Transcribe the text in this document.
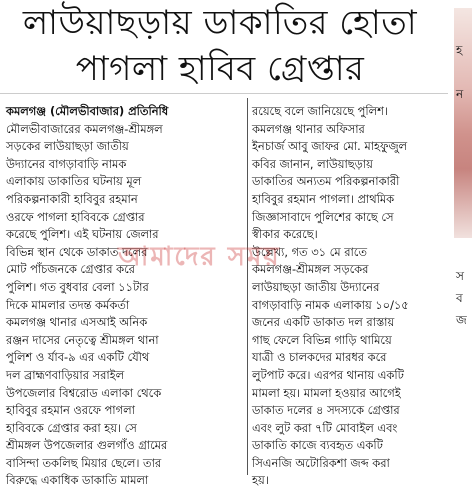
লাউয়াছড়ায় ডাকাতির হোতা
পাগলা হাবিব গ্রেপ্তার
কমলগঞ্জ (মৌলভীবাজার) প্রতিনিধি
মৌলভীবাজারের কমলগঞ্জ-শ্রীমঙ্গল
সড়কের লাউয়াছড়া জাতীয়
উদ্যানের বাগড়াবাড়ি নামক
এলাকায় ডাকাতির ঘটনায় মূল
পরিকল্পনাকারী হাবিবুর রহমান
ওরফে পাগলা হাবিবকে গ্রেপ্তার
করেছে পুলিশ। এই ঘটনায় জেলার
বিভিন্ন স্থান থেকে ডাকাত দলের
মোট পাঁচজনকে গ্রেপ্তার করে
পুলিশ। গত বুধবার বেলা ১১টার
দিকে মামলার তদন্ত কর্মকর্তা
কমলগঞ্জ থানার এসআই অনিক
রঞ্জন দাসের নেতৃত্বে শ্রীমঙ্গল থানা
পুলিশ ও র্যাব-৯ এর একটি যৌথ
দল ব্রাহ্মণবাড়িয়ার সরাইল
উপজেলার বিশ্বরোড এলাকা থেকে
হাবিবুর রহমান ওরফে পাগলা
হাবিবকে গ্রেপ্তার করা হয়। সে
শ্রীমঙ্গল উপজেলার গুলগাঁও গ্রামের
বাসিন্দা তকলিছ মিয়ার ছেলে। তার
বিরুদ্ধে একাধিক ডাকাতি মামলা
রয়েছে বলে জানিয়েছে পুলিশ।
কমলগঞ্জ থানার অফিসার
ইনচার্জ আবু জাফর মো. মাহফুজুল
কবির জানান, লাউয়াছড়ায়
ডাকাতির অন্যতম পরিকল্পনাকারী
হাবিবুর রহমান পাগলা। প্রাথমিক
জিজ্ঞাসাবাদে পুলিশের কাছে সে
স্বীকার করেছে।
উল্লেখ্য, গত ৩১ মে রাতে
কমলগঞ্জ-শ্রীমঙ্গল সড়কের
লাউয়াছড়া জাতীয় উদ্যানের
বাগড়াবাড়ি নামক এলাকায় ১০/১৫
জনের একটি ডাকাত দল রাস্তায়
গাছ ফেলে বিভিন্ন গাড়ি থামিয়ে
যাত্রী ও চালকদের মারধর করে
লুটপাট করে। এরপর থানায় একটি
মামলা হয়। মামলা হওয়ার আগেই
ডাকাত দলের ৪ সদস্যকে গ্রেপ্তার
এবং লুট করা ৭টি মোবাইল এবং
ডাকাতি কাজে ব্যবহৃত একটি
সিএনজি অটোরিকশা জব্দ করা
হয়।
আমাদের সময়
হ
ন
স
ব
জ
